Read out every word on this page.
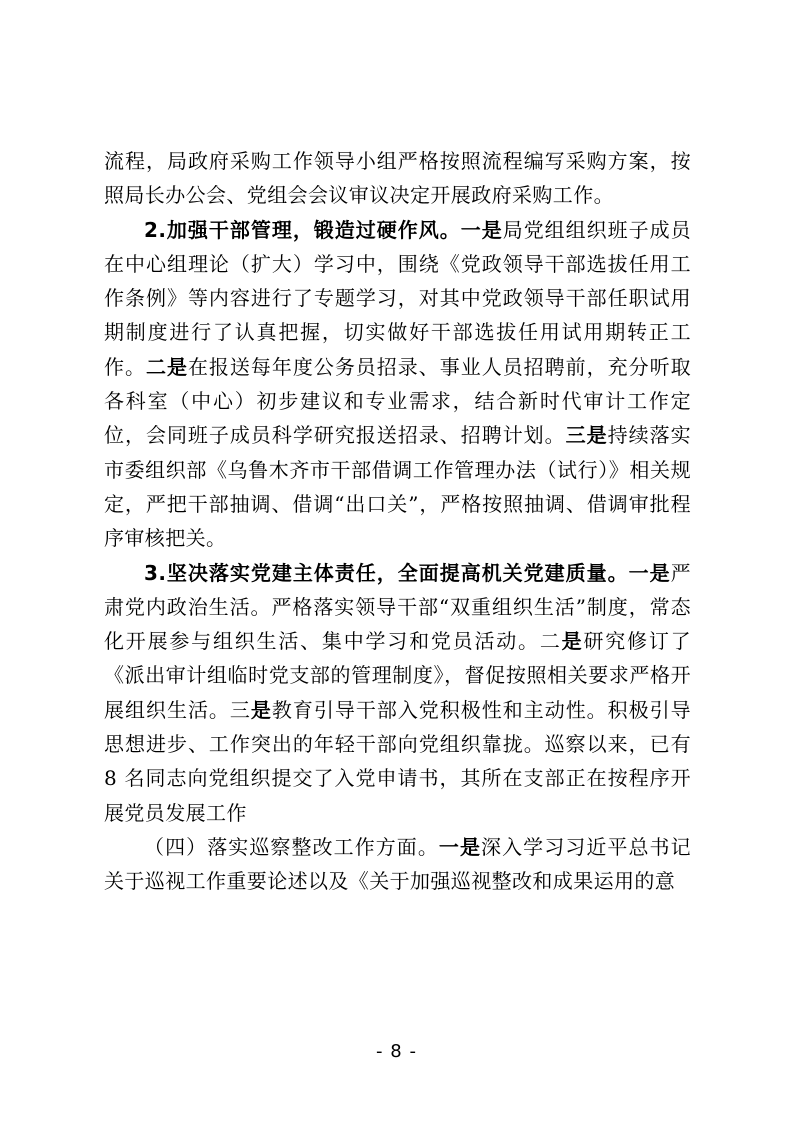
流程，局政府采购工作领导小组严格按照流程编写采购方案，按照局长办公会、党组会会议审议决定开展政府采购工作。

2.加强干部管理，锻造过硬作风。一是局党组组织班子成员在中心组理论（扩大）学习中，围绕《党政领导干部选拔任用工作条例》等内容进行了专题学习，对其中党政领导干部任职试用期制度进行了认真把握，切实做好干部选拔任用试用期转正工作。二是在报送每年度公务员招录、事业人员招聘前，充分听取各科室（中心）初步建议和专业需求，结合新时代审计工作定位，会同班子成员科学研究报送招录、招聘计划。三是持续落实市委组织部《乌鲁木齐市干部借调工作管理办法（试行）》相关规定，严把干部抽调、借调“出口关”，严格按照抽调、借调审批程序审核把关。

3.坚决落实党建主体责任，全面提高机关党建质量。一是严肃党内政治生活。严格落实领导干部“双重组织生活”制度，常态化开展参与组织生活、集中学习和党员活动。二是研究修订了《派出审计组临时党支部的管理制度》，督促按照相关要求严格开展组织生活。三是教育引导干部入党积极性和主动性。积极引导思想进步、工作突出的年轻干部向党组织靠拢。巡察以来，已有 8 名同志向党组织提交了入党申请书，其所在支部正在按程序开展党员发展工作

（四）落实巡察整改工作方面。一是深入学习习近平总书记关于巡视工作重要论述以及《关于加强巡视整改和成果运用的意

- 8 -
